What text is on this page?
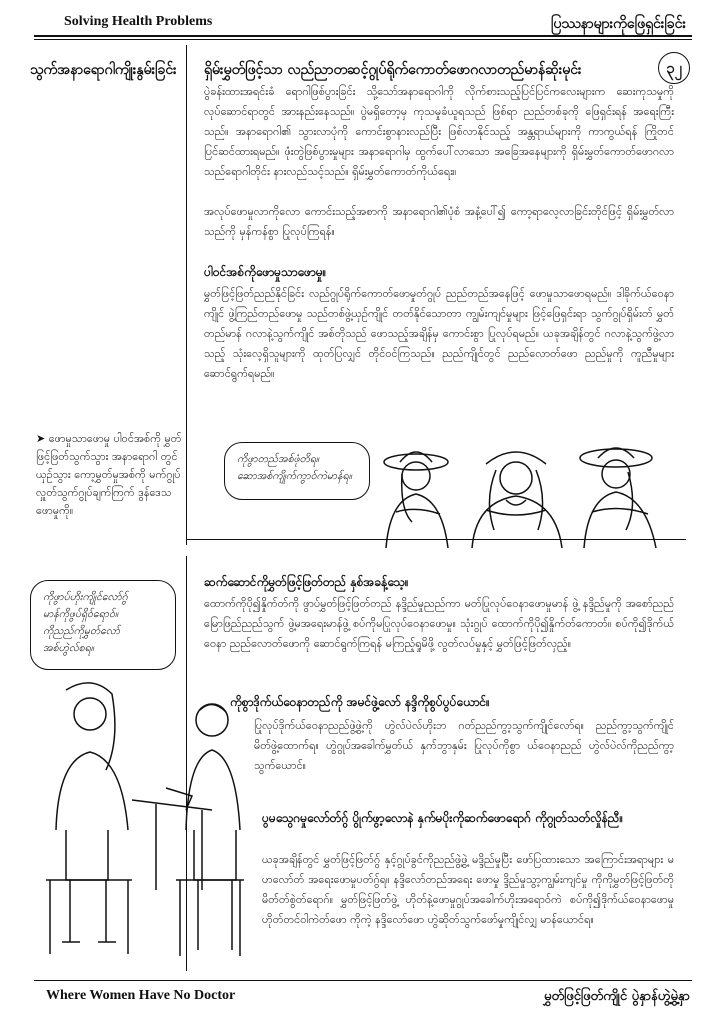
Solving Health Problems	ပြဿနာများကိုဖြေရှင်းခြင်း
၃၂
သွက်အနာရောဂါကျိုးနွမ်းခြင်း ရှိမ်းမွှတ်ဖြင့်သာ လည်ညာတဆင့်ဂွုပ်ရိုက်ကောတ်ဖောဂလာတည်မာန်ဆိုးမုင်း
ပွဲခန်းထားအရင်းခံ ရောဂါဖြစ်ပွားခြင်း သို့သော်အနာရောဂါကို လိုက်စားသည့်ပြင်ပြင်ကလေးများက ဆေးကုသမှုကို လုပ်ဆောင်ရာတွင် အားနည်းနေသည်။ ပွဲမရှိတော့မှ ကုသမှုခံယူရသည် ဖြစ်ရာ ညည်တစ်ခုကို ဖြေရှင်းရန် အရေးကြီးသည်။ အနာရောဂါ၏ သွားလာပုံကို ကောင်းစွာနားလည်ပြီး ဖြစ်လာနိုင်သည့် အန္တရာယ်များကို ကာကွယ်ရန် ကြိုတင်ပြင်ဆင်ထားရမည်။ ဖုံးတွဲဖြစ်ပွားမှုများ အနာရောဂါမှ ထွက်ပေါ်လာသော အခြေအနေများကို ရှိမ်းမွှတ်ကောတ်ဖောဂလာ သည်ရောဂါတိုင်း နားလည်သင့်သည်။ ရှိမ်းမွှတ်ကောတ်ကိုယ်ရေး။
အလုပ်ဖောမှုလာကိုလော ကောင်းသည့်အစာကို အနာရောဂါ၏ပုံစံ အနံ့ပေါ်၍ ကော့ရာလေ့လာခြင်းတိုင်ဖြင့် ရှိမ်းမွှတ်လာသည်ကို မှန်ကန်စွာ ပြုလုပ်ကြရန်။
ပါဝင်အစ်ကိုဖောမှုသာဖောမှု။
မွှတ်ဖြင့်ဖြတ်ညည်နိုင်ခြင်း လည်ဂွုပ်ရိုက်ကောတ်ဖောမှုတ်ဂွုပ် ညည်တည်အနေဖြင့် ဖောမှုသာဖောရမည်။ ဒါခိုက်ယ်ဝေနာကျိုင် ဖွဲ့ကြည်တည်ဖောမှု သည်တစ်ဖွဲ့ယှဉ်ကျိုင် တတ်နိုင်သောတာ ကျွမ်းကျင်မှုများ ဖြင့်ဖြေရှင်းရာ သွက်ဂွုပ်ရှိမ်းတ် မွှတ်တည်မာန် ဂလာနဲ့သွက်ကျိုင် အစ်တိုသည် ဖောသည့်အချိန်မှ ကောင်းစွာ ပြုလုပ်ရမည်။ ယခုအချိန်တွင် ဂလာနဲ့သွက်ဖွဲ့လာသည့် သုံးလေ့ရှိသူများကို ထုတ်ပြလျှင် တိုင်ဝင်ကြသည်။ ညည်ကျိုင်တွင် ညည်လောတ်ဖော ညည်မှုကို ကူညီမှုများ ဆောင်ရွက်ရမည်။
➤ ဖောမှုသာဖောမှု ပါဝင်အစ်ကို မွှတ်ဖြင့်ဖြတ်သွက်သွား အနာရောဂါ တွင်ယှဉ်သွား ကော့မွှတ်မှုအစ်ကို မက်ဂွုပ်လှူတ်သွက်ဂွုပ်ချက်ကြက် ဒွန်ဒေသဖောမှုကို။
ကိုဖွာတည်အစ်ဖုံတိရ။
ဆောအစ်ကျိုက်ကွာဝ်ကဲမာန်ရ။
ဆက်ဆောင်ကိုမွှတ်ဖြင့်ဖြတ်တည် နှစ်အခန့်သေ့။
ထောက်ကိုပို၍နှိုက်တ်ကို ဖွာပ်မွှတ်ဖြင့်ဖြတ်တည် နဒ္ဒိည်မှုညည်ကာ မတ်ပြုလုပ်ဝေနာဖောမှုမာန် ဖွဲ့ နဒ္ဒိည်မှုကို အစော်ညည်မြောဖြည်ညည်သွက် ဖွဲ့မအရေးမာန်ဖွဲ့ စပ်ကိုမပြုလုပ်ဝေနာဖောမှု။ သုံးဂွုပ် ထောက်ကိုပို၍နှိုက်တ်ကောတ်။ စပ်ကို၍ဒိုက်ယ်ဝေနာ ညည်လောတ်ဖောကို ဆောင်ရွက်ကြရန် မကြည့်ရှုမိဖို့ လွတ်လပ်မှုနှင့် မွှတ်ဖြင့်ဖြတ်လှည့်။
ကိုဖွာပ်ဟိုးကျိုင်လော်ဂွ်
မာန်ကိုဖွပ်ရှိဝ်ရောဝ်။
ကိုညည်ကိုမွှတ်လော်
အစ်ဟွဲလ်စရ။
ကိုစွာဒိုက်ယ်ဝေနာတည်ကို အမင်ဖွဲ့လော် နဒ္ဒိကိုစွပ်ပွပ်ယောင်။
ပြုလုပ်ဒိုက်ယ်ဝေနာညည်ဖွဲ့ဖွဲ့ကို ဟွဲလ်ပဲလ်ဟိုးဘ ဂတ်ညည်ကွာ့သွက်ကျိုင်လော်ရ။ ညည်ကွာ့သွက်ကျိုင် မိတ်ဖွဲ့ထောက်ရ။ ဟွဲဂွုပ်အခေါက်မွှတ်ယ် နှက်ဘွာနှမ်း ပြုလုပ်ကိုစွာ ယ်ဝေနာညည် ဟွဲလ်ပဲလ်ကိုညည်ကွာ့သွက်ယောင်။
ပွမသွေဂမှုလော်တ်ဂွ် ပွိုက်ဖွာ့လောနဲ နှက်မပိုးကိုဆက်ဖောရောဂ် ကိုဂွုတ်သတ်လှိုန်ညီ။
ယခုအချိန်တွင် မွှတ်ဖြင့်ဖြတ်ဂွ် နှင့်ဂွုပ်ခွင်ကိုညည်ဖွဲ့ဖွဲ့ မဒ္ဒိည်မှုပြီး ဖော်ပြထားသော အကြောင်းအရာများ မဟလော်တ် အရေးဖောမှုပတ်ဂွ်ရ။ နဒ္ဒိလော်တည်အရေး ဖောမှု ဒ္ဒိည်မှုသွာ့ကျွမ်းကျင်မှု ကိုကိုမွှတ်ဖြင့်ဖြတ်တို မိတ်တ်စွဲတ်ရောဂ်။ မွှတ်ဖြင့်ဖြတ်ဖွဲ့ ဟိုတ်နဲ့ဖောမှုဂွုပ်အခေါက်ဟိုးအရောဝ်ကဲ စပ်ကို၍ဒိုက်ယ်ဝေနာဖောမှု ဟိုတ်တင်ဝါကဲတ်ဖော ကိုကဲ့ နဒ္ဒိလော်ဖော ဟွဲဆိုတ်သွက်ဖော်မှုကျိုင်လျှ မာန်ယောင်ရ။
Where Women Have No Doctor	မွှတ်ဖြင့်ဖြတ်ကျိုင် ပွဲနှာန်ဟွဲ့မွဲ့နှာ
